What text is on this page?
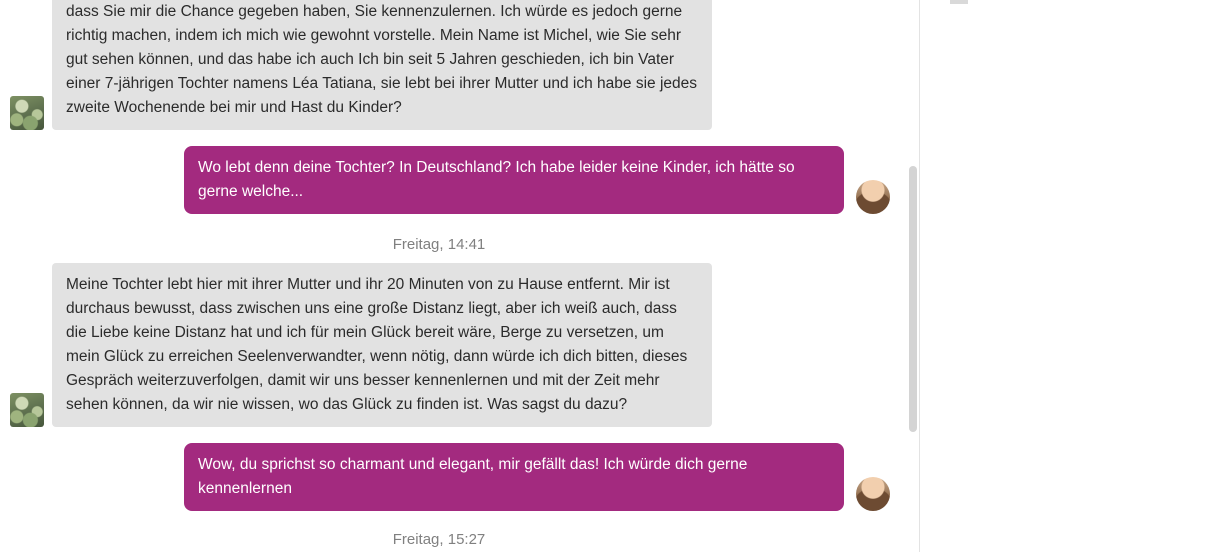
dass Sie mir die Chance gegeben haben, Sie kennenzulernen. Ich würde es jedoch gerne richtig machen, indem ich mich wie gewohnt vorstelle. Mein Name ist Michel, wie Sie sehr gut sehen können, und das habe ich auch Ich bin seit 5 Jahren geschieden, ich bin Vater einer 7-jährigen Tochter namens Léa Tatiana, sie lebt bei ihrer Mutter und ich habe sie jedes zweite Wochenende bei mir und Hast du Kinder?
Wo lebt denn deine Tochter? In Deutschland? Ich habe leider keine Kinder, ich hätte so gerne welche...
Freitag, 14:41
Meine Tochter lebt hier mit ihrer Mutter und ihr 20 Minuten von zu Hause entfernt. Mir ist durchaus bewusst, dass zwischen uns eine große Distanz liegt, aber ich weiß auch, dass die Liebe keine Distanz hat und ich für mein Glück bereit wäre, Berge zu versetzen, um mein Glück zu erreichen Seelenverwandter, wenn nötig, dann würde ich dich bitten, dieses Gespräch weiterzuverfolgen, damit wir uns besser kennenlernen und mit der Zeit mehr sehen können, da wir nie wissen, wo das Glück zu finden ist. Was sagst du dazu?
Wow, du sprichst so charmant und elegant, mir gefällt das! Ich würde dich gerne kennenlernen
Freitag, 15:27
